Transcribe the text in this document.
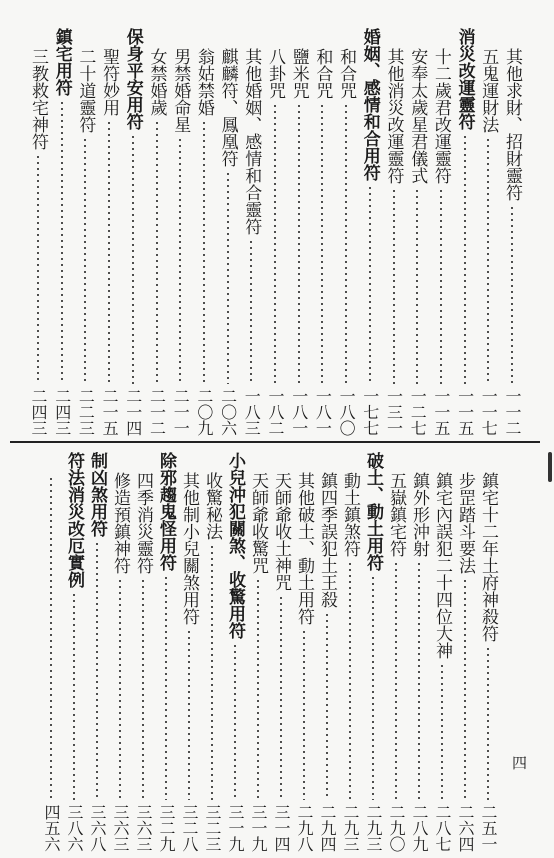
其他求財、招財靈符
一一二
五鬼運財法
一一七
消災改運靈符
一一五
十二歲君改運靈符
一一五
安奉太歲星君儀式
一二七
其他消災改運靈符
一三一
婚姻、感情和合用符
一七七
和合咒
一八〇
和合咒
一八一
鹽米咒
一八一
八卦咒
一八二
其他婚姻、感情和合靈符
一八三
麒麟符、鳳凰符
二〇六
翁姑禁婚
二〇九
男禁婚命星
二一一
女禁婚歲
二一二
保身平安用符
二一四
聖符妙用
二一五
二十道靈符
二二三
鎮宅用符
二四三
三教救宅神符
二四三
鎮宅十二年土府神殺符
二五一
步罡踏斗要法
二六四
鎮宅內誤犯二十四位大神
二八七
鎮外形沖射
二八九
五嶽鎮宅符
二九〇
破土、動土用符
二九三
動土鎮煞符
二九三
鎮四季誤犯土王殺
二九四
其他破土、動土用符
二九八
天師爺收土神咒
三一四
天師爺收驚咒
三一九
小兒沖犯關煞、收驚用符
三一九
收驚秘法
三二三
其他制小兒關煞用符
三二八
除邪趨鬼怪用符
三二九
四季消災靈符
三六三
修造預鎮神符
三六三
制凶煞用符
三六八
符法消災改厄實例
三八六
四五六
四
